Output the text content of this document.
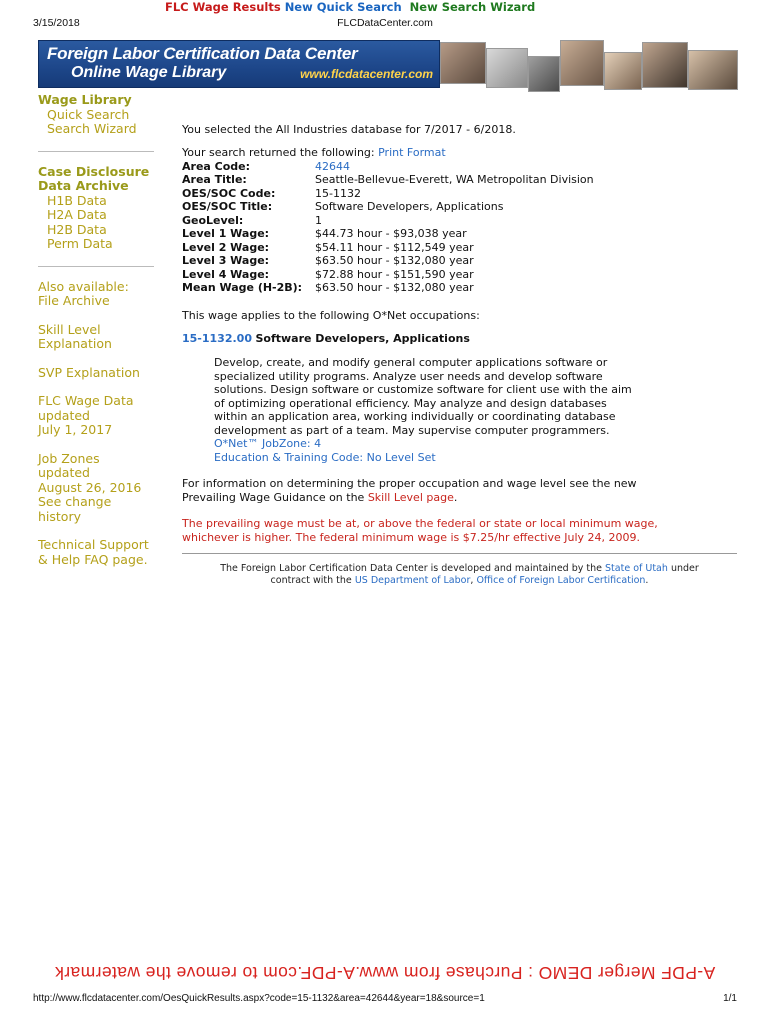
3/15/2018	FLCDataCenter.com
Foreign Labor Certification Data Center
Online Wage Library	www.flcdatacenter.com
Wage Library
Quick Search
Search Wizard
Case Disclosure
Data Archive
H1B Data
H2A Data
H2B Data
Perm Data
Also available:
File Archive
Skill Level
Explanation
SVP Explanation
FLC Wage Data
updated
July 1, 2017
Job Zones updated
August 26, 2016
See change
history
Technical Support
& Help FAQ page.
FLC Wage Results New Quick Search New Search Wizard
You selected the All Industries database for 7/2017 - 6/2018.
Your search returned the following: Print Format
Area Code:	42644
Area Title:	Seattle-Bellevue-Everett, WA Metropolitan Division
OES/SOC Code:	15-1132
OES/SOC Title:	Software Developers, Applications
GeoLevel:	1
Level 1 Wage:	$44.73 hour - $93,038 year
Level 2 Wage:	$54.11 hour - $112,549 year
Level 3 Wage:	$63.50 hour - $132,080 year
Level 4 Wage:	$72.88 hour - $151,590 year
Mean Wage (H-2B):	$63.50 hour - $132,080 year
This wage applies to the following O*Net occupations:
15-1132.00 Software Developers, Applications
Develop, create, and modify general computer applications software or
specialized utility programs. Analyze user needs and develop software
solutions. Design software or customize software for client use with the aim
of optimizing operational efficiency. May analyze and design databases
within an application area, working individually or coordinating database
development as part of a team. May supervise computer programmers.
O*Net™ JobZone: 4
Education & Training Code: No Level Set
For information on determining the proper occupation and wage level see the new
Prevailing Wage Guidance on the Skill Level page.
The prevailing wage must be at, or above the federal or state or local minimum wage,
whichever is higher. The federal minimum wage is $7.25/hr effective July 24, 2009.
The Foreign Labor Certification Data Center is developed and maintained by the State of Utah under
contract with the US Department of Labor, Office of Foreign Labor Certification.
A-PDF Merger DEMO : Purchase from www.A-PDF.com to remove the watermark
http://www.flcdatacenter.com/OesQuickResults.aspx?code=15-1132&area=42644&year=18&source=1	1/1
